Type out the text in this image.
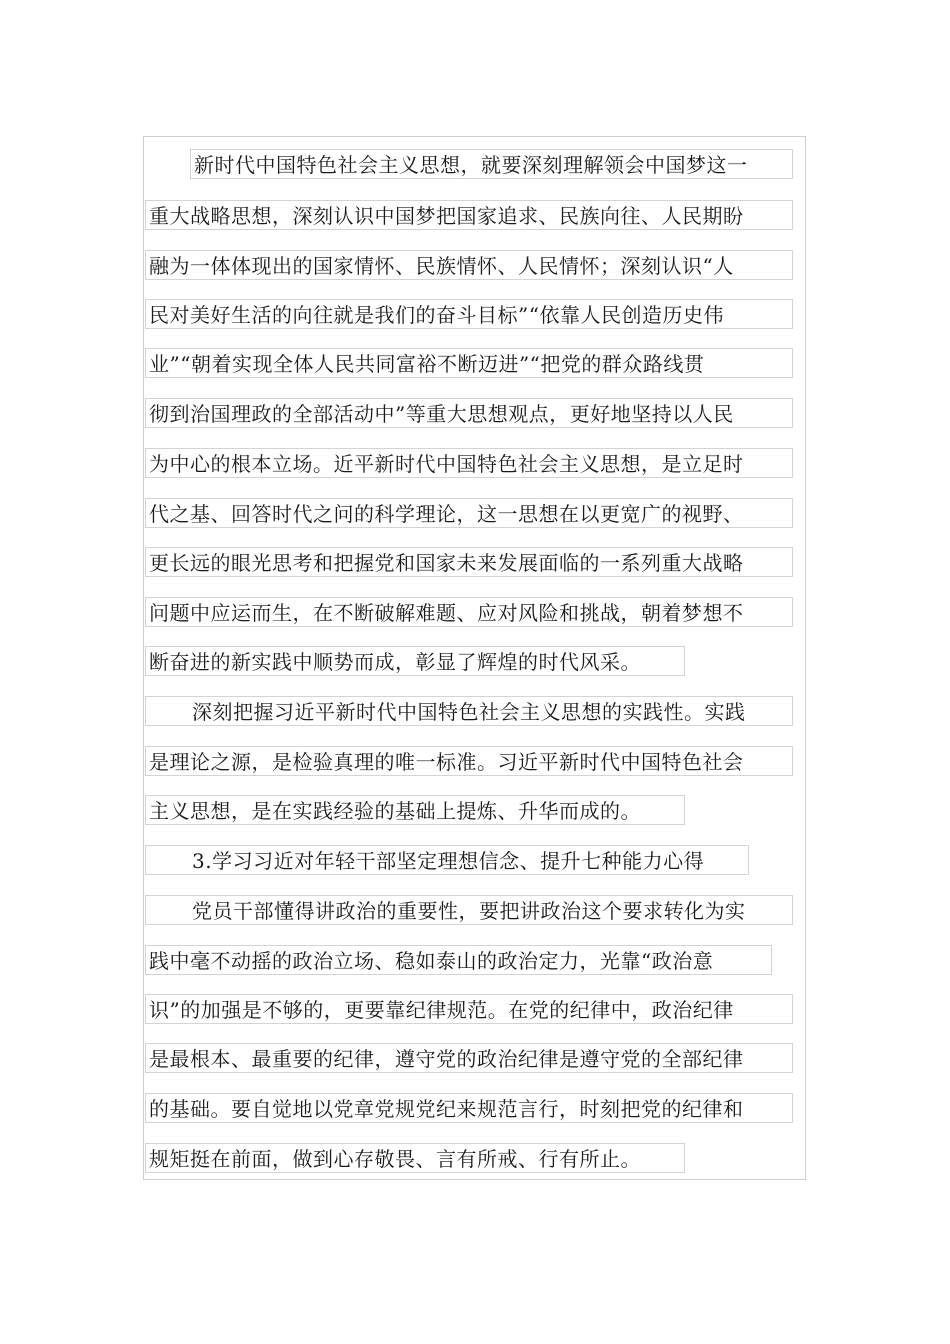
新时代中国特色社会主义思想，就要深刻理解领会中国梦这一
重大战略思想，深刻认识中国梦把国家追求、民族向往、人民期盼
融为一体体现出的国家情怀、民族情怀、人民情怀；深刻认识“人
民对美好生活的向往就是我们的奋斗目标”“依靠人民创造历史伟
业”“朝着实现全体人民共同富裕不断迈进”“把党的群众路线贯
彻到治国理政的全部活动中”等重大思想观点，更好地坚持以人民
为中心的根本立场。近平新时代中国特色社会主义思想，是立足时
代之基、回答时代之问的科学理论，这一思想在以更宽广的视野、
更长远的眼光思考和把握党和国家未来发展面临的一系列重大战略
问题中应运而生，在不断破解难题、应对风险和挑战，朝着梦想不
断奋进的新实践中顺势而成，彰显了辉煌的时代风采。
深刻把握习近平新时代中国特色社会主义思想的实践性。实践
是理论之源，是检验真理的唯一标准。习近平新时代中国特色社会
主义思想，是在实践经验的基础上提炼、升华而成的。
3.学习习近对年轻干部坚定理想信念、提升七种能力心得
党员干部懂得讲政治的重要性，要把讲政治这个要求转化为实
践中毫不动摇的政治立场、稳如泰山的政治定力，光靠“政治意
识”的加强是不够的，更要靠纪律规范。在党的纪律中，政治纪律
是最根本、最重要的纪律，遵守党的政治纪律是遵守党的全部纪律
的基础。要自觉地以党章党规党纪来规范言行，时刻把党的纪律和
规矩挺在前面，做到心存敬畏、言有所戒、行有所止。
